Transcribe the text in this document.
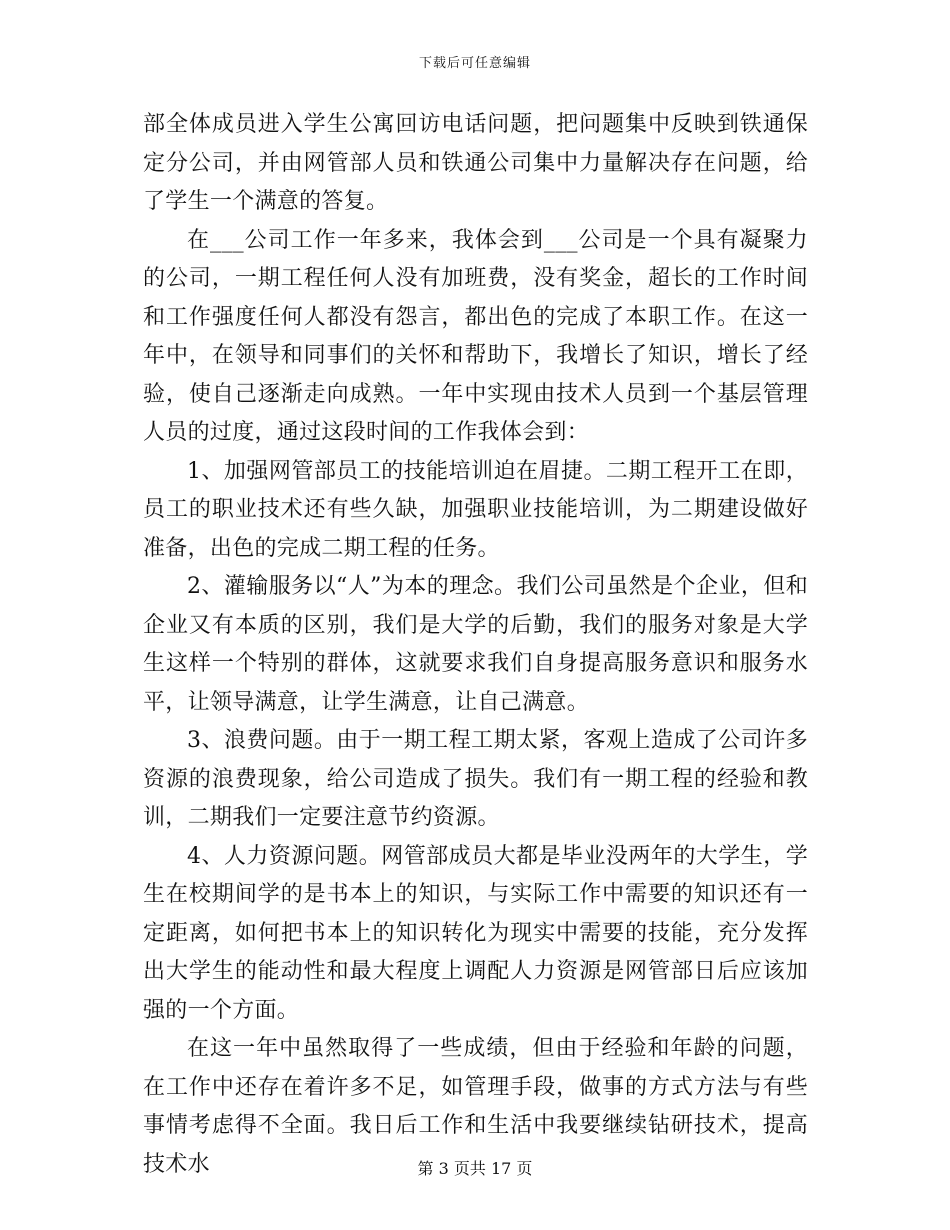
下载后可任意编辑

部全体成员进入学生公寓回访电话问题，把问题集中反映到铁通保定分公司，并由网管部人员和铁通公司集中力量解决存在问题，给了学生一个满意的答复。

在___公司工作一年多来，我体会到___公司是一个具有凝聚力的公司，一期工程任何人没有加班费，没有奖金，超长的工作时间和工作强度任何人都没有怨言，都出色的完成了本职工作。在这一年中，在领导和同事们的关怀和帮助下，我增长了知识，增长了经验，使自己逐渐走向成熟。一年中实现由技术人员到一个基层管理人员的过度，通过这段时间的工作我体会到：

1、加强网管部员工的技能培训迫在眉捷。二期工程开工在即，员工的职业技术还有些久缺，加强职业技能培训，为二期建设做好准备，出色的完成二期工程的任务。

2、灌输服务以“人”为本的理念。我们公司虽然是个企业，但和企业又有本质的区别，我们是大学的后勤，我们的服务对象是大学生这样一个特别的群体，这就要求我们自身提高服务意识和服务水平，让领导满意，让学生满意，让自己满意。

3、浪费问题。由于一期工程工期太紧，客观上造成了公司许多资源的浪费现象，给公司造成了损失。我们有一期工程的经验和教训，二期我们一定要注意节约资源。

4、人力资源问题。网管部成员大都是毕业没两年的大学生，学生在校期间学的是书本上的知识，与实际工作中需要的知识还有一定距离，如何把书本上的知识转化为现实中需要的技能，充分发挥出大学生的能动性和最大程度上调配人力资源是网管部日后应该加强的一个方面。

在这一年中虽然取得了一些成绩，但由于经验和年龄的问题，在工作中还存在着许多不足，如管理手段，做事的方式方法与有些事情考虑得不全面。我日后工作和生活中我要继续钻研技术，提高技术水	第 3 页共 17 页
